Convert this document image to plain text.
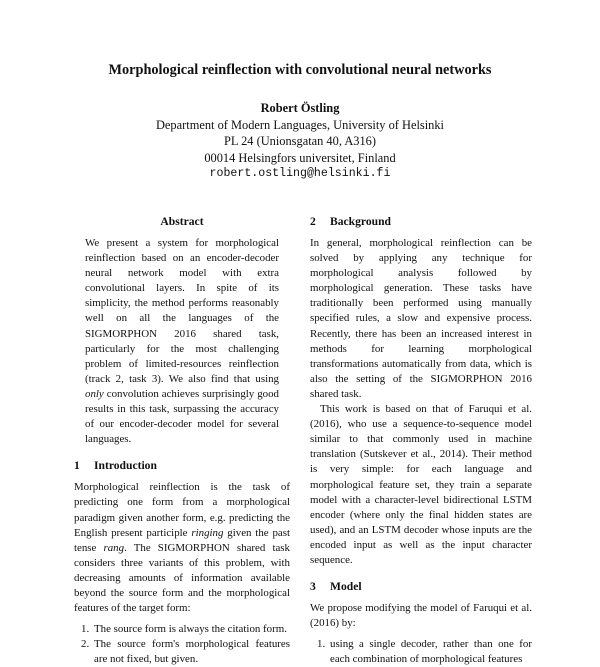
Morphological reinflection with convolutional neural networks
Robert Östling
Department of Modern Languages, University of Helsinki
PL 24 (Unionsgatan 40, A316)
00014 Helsingfors universitet, Finland
robert.ostling@helsinki.fi
Abstract

We present a system for morphological reinflection based on an encoder-decoder neural network model with extra convolutional layers. In spite of its simplicity, the method performs reasonably well on all the languages of the SIGMORPHON 2016 shared task, particularly for the most challenging problem of limited-resources reinflection (track 2, task 3). We also find that using only convolution achieves surprisingly good results in this task, surpassing the accuracy of our encoder-decoder model for several languages.

1 Introduction

Morphological reinflection is the task of predicting one form from a morphological paradigm given another form, e.g. predicting the English present participle ringing given the past tense rang. The SIGMORPHON shared task considers three variants of this problem, with decreasing amounts of information available beyond the source form and the morphological features of the target form:

1. The source form is always the citation form.
2. The source form's morphological features are not fixed, but given.
2 Background

In general, morphological reinflection can be solved by applying any technique for morphological analysis followed by morphological generation. These tasks have traditionally been performed using manually specified rules, a slow and expensive process. Recently, there has been an increased interest in methods for learning morphological transformations automatically from data, which is also the setting of the SIGMORPHON 2016 shared task.

This work is based on that of Faruqui et al. (2016), who use a sequence-to-sequence model similar to that commonly used in machine translation (Sutskever et al., 2014). Their method is very simple: for each language and morphological feature set, they train a separate model with a character-level bidirectional LSTM encoder (where only the final hidden states are used), and an LSTM decoder whose inputs are the encoded input as well as the input character sequence.

3 Model

We propose modifying the model of Faruqui et al. (2016) by:

1. using a single decoder, rather than one for each combination of morphological features
